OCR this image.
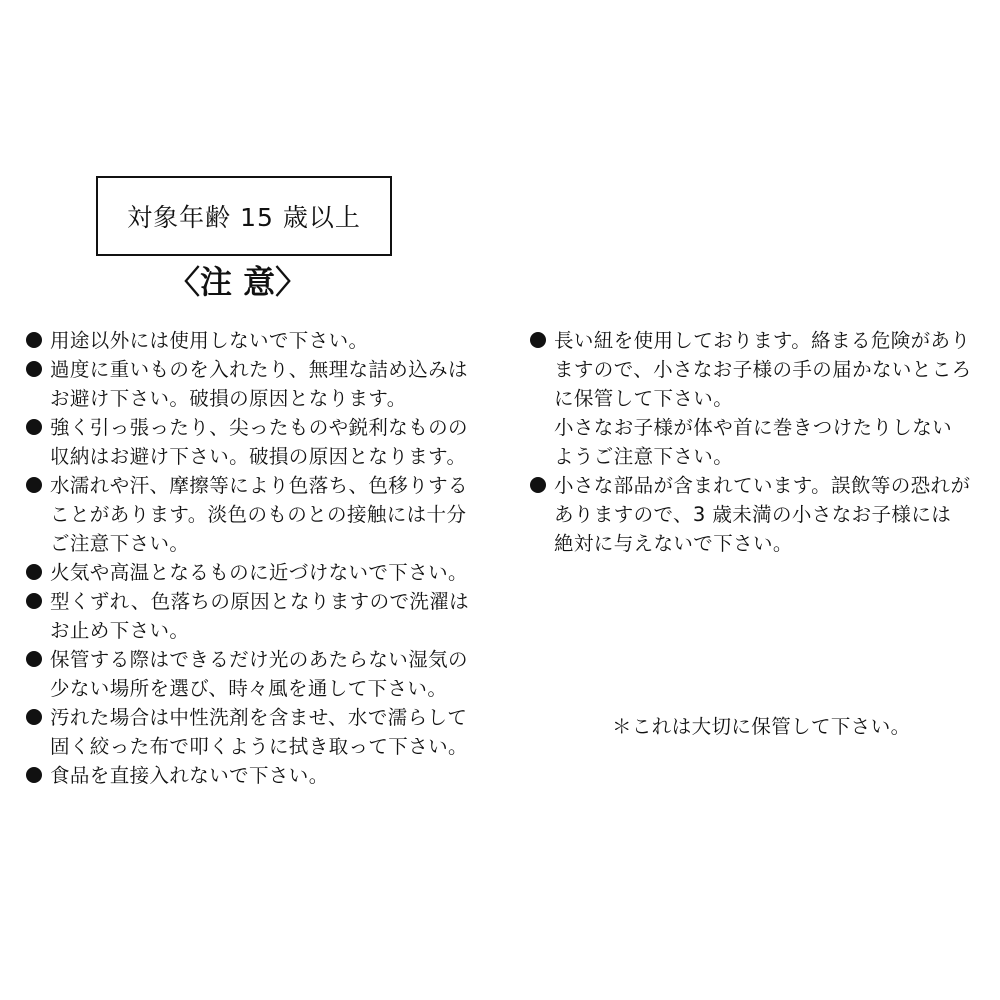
対象年齢 15 歳以上
〈注 意〉
用途以外には使用しないで下さい。
過度に重いものを入れたり、無理な詰め込みは
お避け下さい。破損の原因となります。
強く引っ張ったり、尖ったものや鋭利なものの
収納はお避け下さい。破損の原因となります。
水濡れや汗、摩擦等により色落ち、色移りする
ことがあります。淡色のものとの接触には十分
ご注意下さい。
火気や高温となるものに近づけないで下さい。
型くずれ、色落ちの原因となりますので洗濯は
お止め下さい。
保管する際はできるだけ光のあたらない湿気の
少ない場所を選び、時々風を通して下さい。
汚れた場合は中性洗剤を含ませ、水で濡らして
固く絞った布で叩くように拭き取って下さい。
食品を直接入れないで下さい。
長い紐を使用しております。絡まる危険があり
ますので、小さなお子様の手の届かないところ
に保管して下さい。
小さなお子様が体や首に巻きつけたりしない
ようご注意下さい。
小さな部品が含まれています。誤飲等の恐れが
ありますので、3 歳未満の小さなお子様には
絶対に与えないで下さい。
＊これは大切に保管して下さい。
